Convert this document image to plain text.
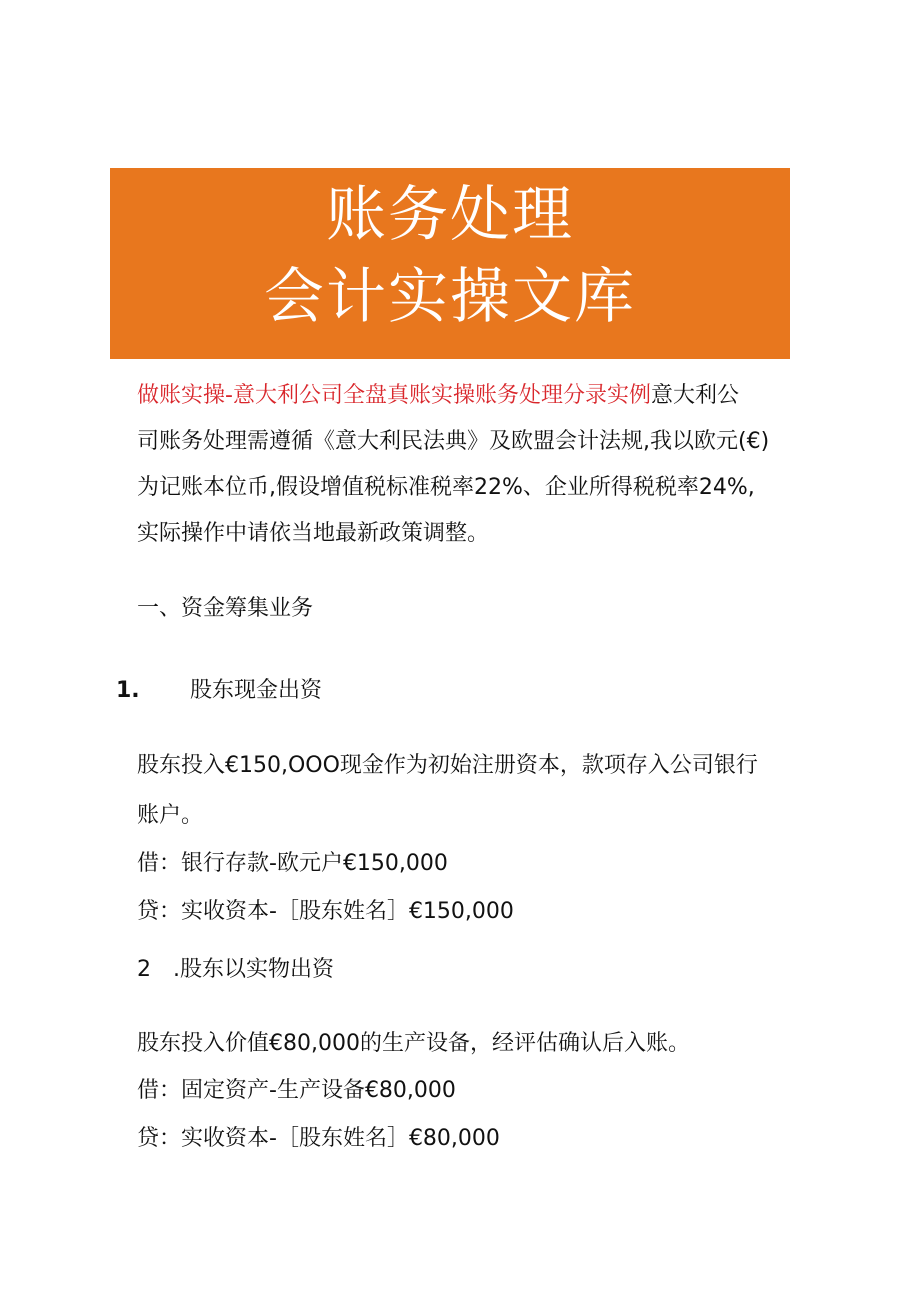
账务处理
会计实操文库
做账实操-意大利公司全盘真账实操账务处理分录实例意大利公
司账务处理需遵循《意大利民法典》及欧盟会计法规,我以欧元(€)
为记账本位币,假设增值税标准税率22%、企业所得税税率24%,
实际操作中请依当地最新政策调整。
一、资金筹集业务
1. 股东现金出资
股东投入€150,OOO现金作为初始注册资本，款项存入公司银行
账户。
借：银行存款-欧元户€150,000
贷：实收资本-［股东姓名］€150,000
2　.股东以实物出资
股东投入价值€80,000的生产设备，经评估确认后入账。
借：固定资产-生产设备€80,000
贷：实收资本-［股东姓名］€80,000
